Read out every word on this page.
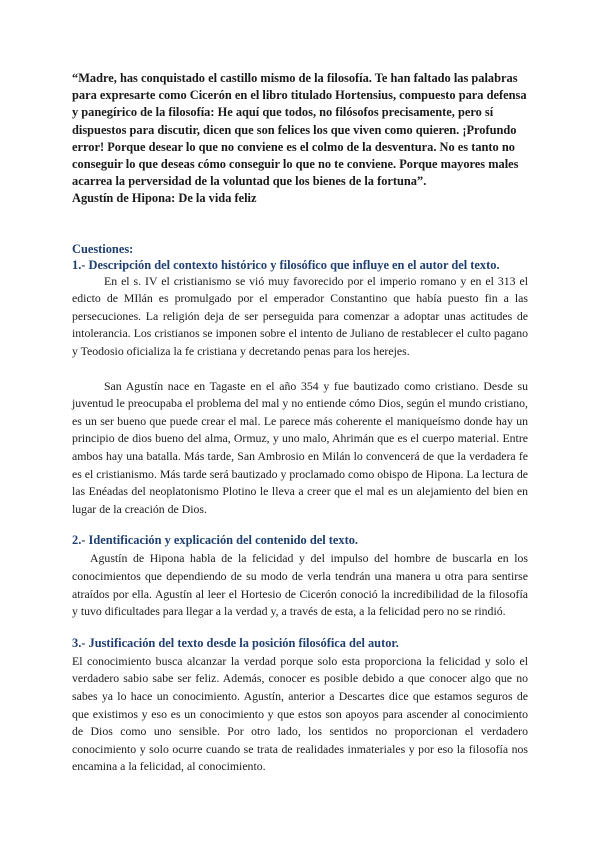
“Madre, has conquistado el castillo mismo de la filosofía. Te han faltado las palabras para expresarte como Cicerón en el libro titulado Hortensius, compuesto para defensa y panegírico de la filosofía: He aquí que todos, no filósofos precisamente, pero sí dispuestos para discutir, dicen que son felices los que viven como quieren. ¡Profundo error! Porque desear lo que no conviene es el colmo de la desventura. No es tanto no conseguir lo que deseas cómo conseguir lo que no te conviene. Porque mayores males acarrea la perversidad de la voluntad que los bienes de la fortuna”.

Agustín de Hipona: De la vida feliz

Cuestiones:

1.- Descripción del contexto histórico y filosófico que influye en el autor del texto.

En el s. IV el cristianismo se vió muy favorecido por el imperio romano y en el 313 el edicto de MIlán es promulgado por el emperador Constantino que había puesto fin a las persecuciones. La religión deja de ser perseguida para comenzar a adoptar unas actitudes de intolerancia. Los cristianos se imponen sobre el intento de Juliano de restablecer el culto pagano y Teodosio oficializa la fe cristiana y decretando penas para los herejes.

San Agustín nace en Tagaste en el año 354 y fue bautizado como cristiano. Desde su juventud le preocupaba el problema del mal y no entiende cómo Dios, según el mundo cristiano, es un ser bueno que puede crear el mal. Le parece más coherente el maniqueísmo donde hay un principio de dios bueno del alma, Ormuz, y uno malo, Ahrimán que es el cuerpo material. Entre ambos hay una batalla. Más tarde, San Ambrosio en Milán lo convencerá de que la verdadera fe es el cristianismo. Más tarde será bautizado y proclamado como obispo de Hipona. La lectura de las Enéadas del neoplatonismo Plotino le lleva a creer que el mal es un alejamiento del bien en lugar de la creación de Dios.

2.- Identificación y explicación del contenido del texto.

Agustín de Hipona habla de la felicidad y del impulso del hombre de buscarla en los conocimientos que dependiendo de su modo de verla tendrán una manera u otra para sentirse atraídos por ella. Agustín al leer el Hortesio de Cicerón conoció la incredibilidad de la filosofía y tuvo dificultades para llegar a la verdad y, a través de esta, a la felicidad pero no se rindió.

3.- Justificación del texto desde la posición filosófica del autor.

El conocimiento busca alcanzar la verdad porque solo esta proporciona la felicidad y solo el verdadero sabio sabe ser feliz. Además, conocer es posible debido a que conocer algo que no sabes ya lo hace un conocimiento. Agustín, anterior a Descartes dice que estamos seguros de que existimos y eso es un conocimiento y que estos son apoyos para ascender al conocimiento de Dios como uno sensible. Por otro lado, los sentidos no proporcionan el verdadero conocimiento y solo ocurre cuando se trata de realidades inmateriales y por eso la filosofía nos encamina a la felicidad, al conocimiento.
